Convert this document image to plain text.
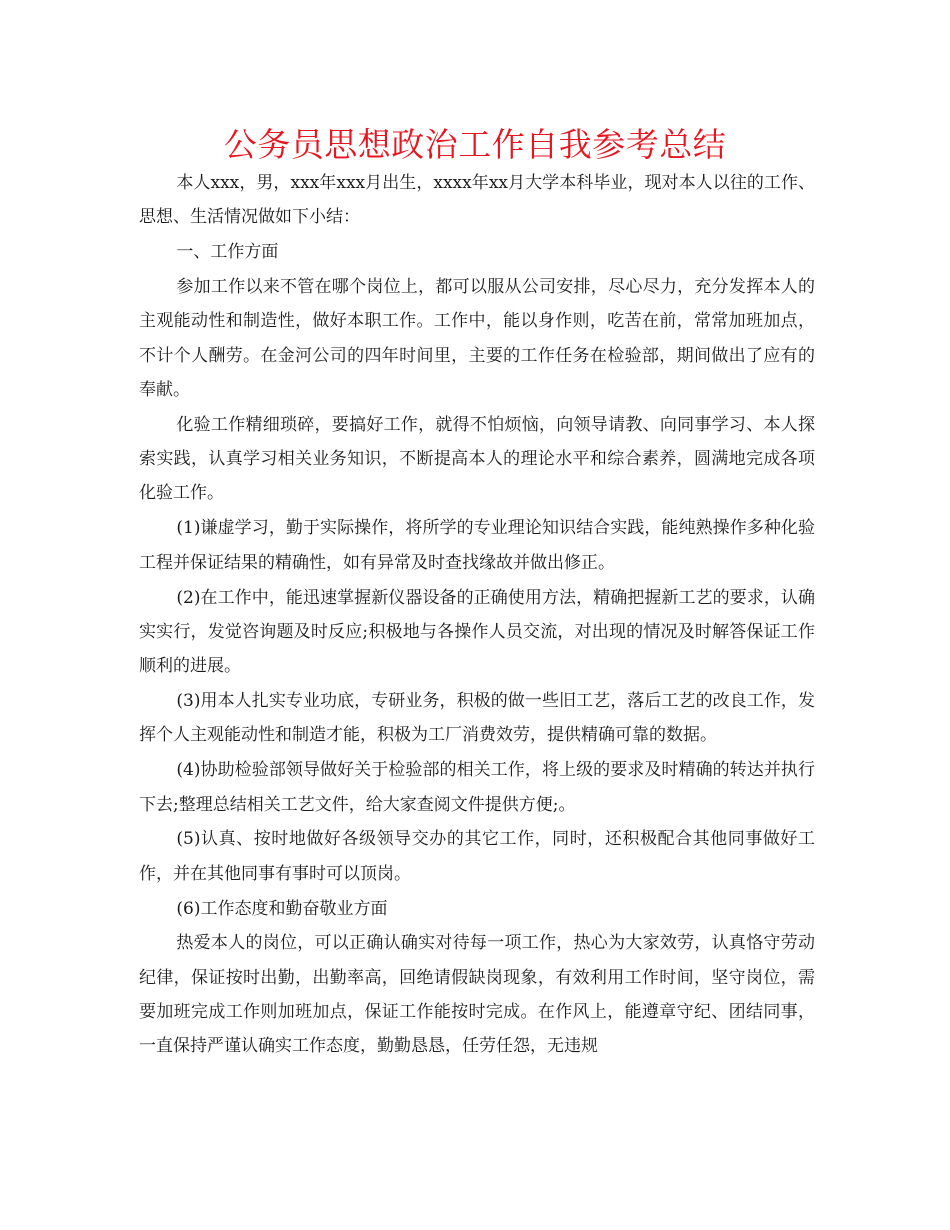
公务员思想政治工作自我参考总结

本人xxx，男，xxx年xxx月出生，xxxx年xx月大学本科毕业，现对本人以往的工作、思想、生活情况做如下小结：

一、工作方面

参加工作以来不管在哪个岗位上，都可以服从公司安排，尽心尽力，充分发挥本人的主观能动性和制造性，做好本职工作。工作中，能以身作则，吃苦在前，常常加班加点，不计个人酬劳。在金河公司的四年时间里，主要的工作任务在检验部，期间做出了应有的奉献。

化验工作精细琐碎，要搞好工作，就得不怕烦恼，向领导请教、向同事学习、本人探索实践，认真学习相关业务知识，不断提高本人的理论水平和综合素养，圆满地完成各项化验工作。

(1)谦虚学习，勤于实际操作，将所学的专业理论知识结合实践，能纯熟操作多种化验工程并保证结果的精确性，如有异常及时查找缘故并做出修正。

(2)在工作中，能迅速掌握新仪器设备的正确使用方法，精确把握新工艺的要求，认确实实行，发觉咨询题及时反应;积极地与各操作人员交流，对出现的情况及时解答保证工作顺利的进展。

(3)用本人扎实专业功底，专研业务，积极的做一些旧工艺，落后工艺的改良工作，发挥个人主观能动性和制造才能，积极为工厂消费效劳，提供精确可靠的数据。

(4)协助检验部领导做好关于检验部的相关工作，将上级的要求及时精确的转达并执行下去;整理总结相关工艺文件，给大家查阅文件提供方便;。

(5)认真、按时地做好各级领导交办的其它工作，同时，还积极配合其他同事做好工作，并在其他同事有事时可以顶岗。

(6)工作态度和勤奋敬业方面

热爱本人的岗位，可以正确认确实对待每一项工作，热心为大家效劳，认真恪守劳动纪律，保证按时出勤，出勤率高，回绝请假缺岗现象，有效利用工作时间，坚守岗位，需要加班完成工作则加班加点，保证工作能按时完成。在作风上，能遵章守纪、团结同事，一直保持严谨认确实工作态度，勤勤恳恳，任劳任怨，无违规
